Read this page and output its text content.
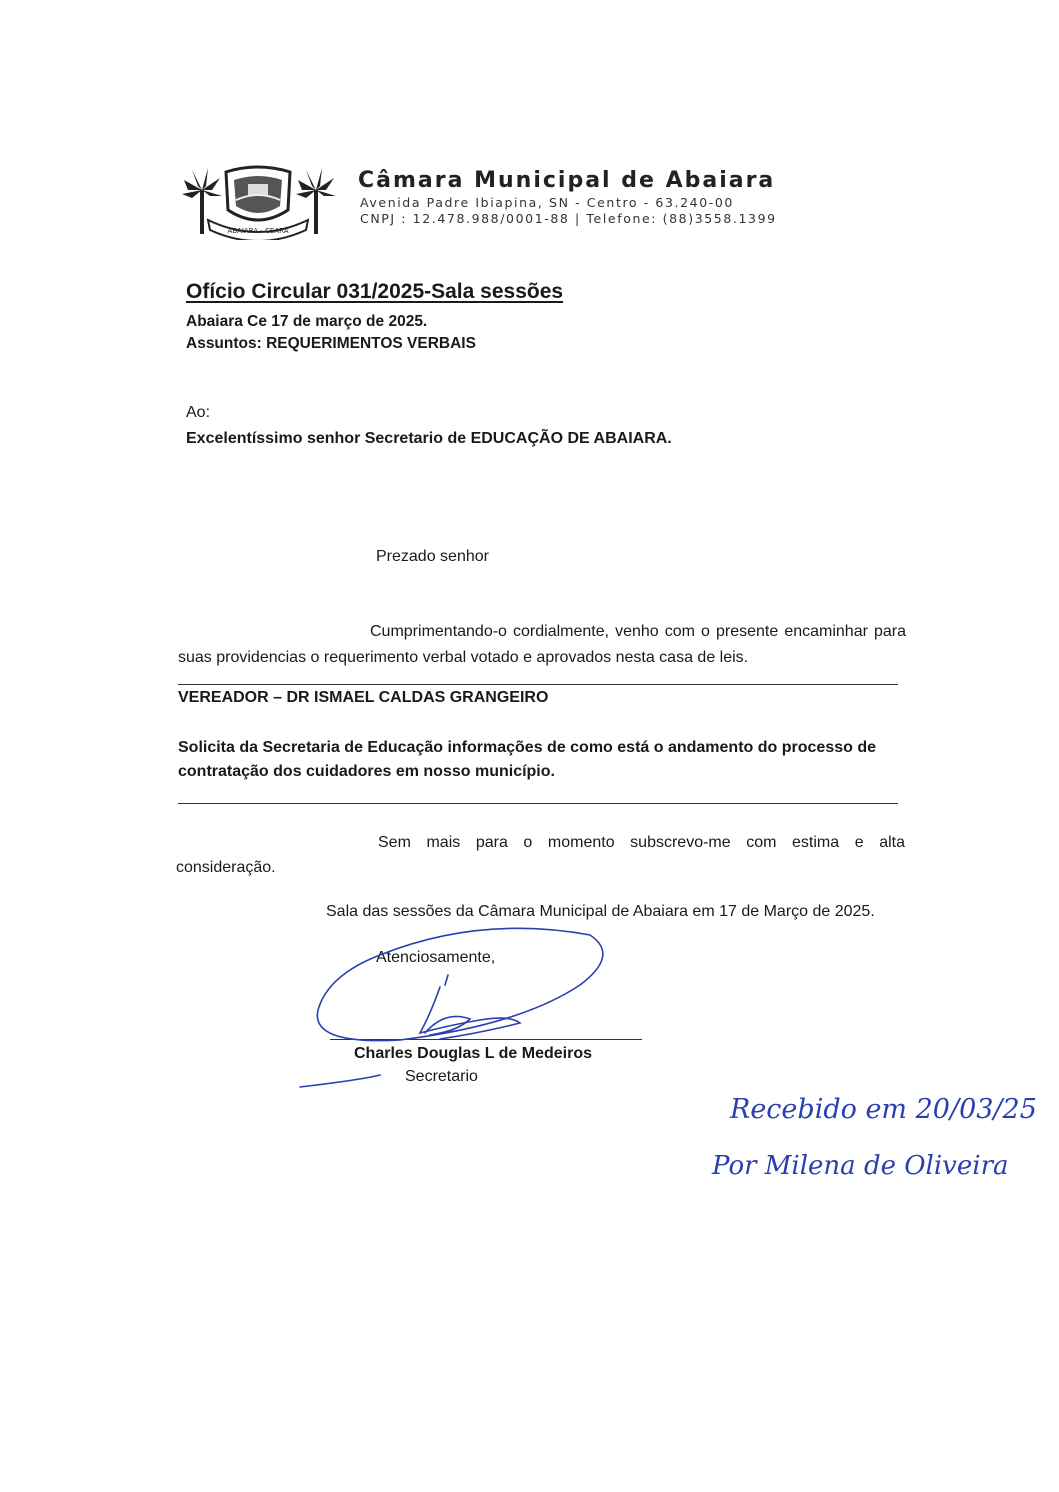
ABAIARA - CEARÁ
Câmara Municipal de Abaiara
Avenida Padre Ibiapina, SN - Centro - 63.240-00
CNPJ : 12.478.988/0001-88 | Telefone: (88)3558.1399
Ofício Circular 031/2025-Sala sessões
Abaiara Ce 17 de março de 2025.
Assuntos: REQUERIMENTOS VERBAIS
Ao:
Excelentíssimo senhor Secretario de EDUCAÇÃO DE ABAIARA.
Prezado senhor
Cumprimentando-o cordialmente, venho com o presente encaminhar para suas providencias o requerimento verbal votado e aprovados nesta casa de leis.
VEREADOR – DR ISMAEL CALDAS GRANGEIRO
Solicita da Secretaria de Educação informações de como está o andamento do processo de contratação dos cuidadores em nosso município.
Sem mais para o momento subscrevo-me com estima e alta consideração.
Sala das sessões da Câmara Municipal de Abaiara em 17 de Março de 2025.
Atenciosamente,
Charles Douglas L de Medeiros
Secretario
Recebido em 20/03/25
Por Milena de Oliveira
